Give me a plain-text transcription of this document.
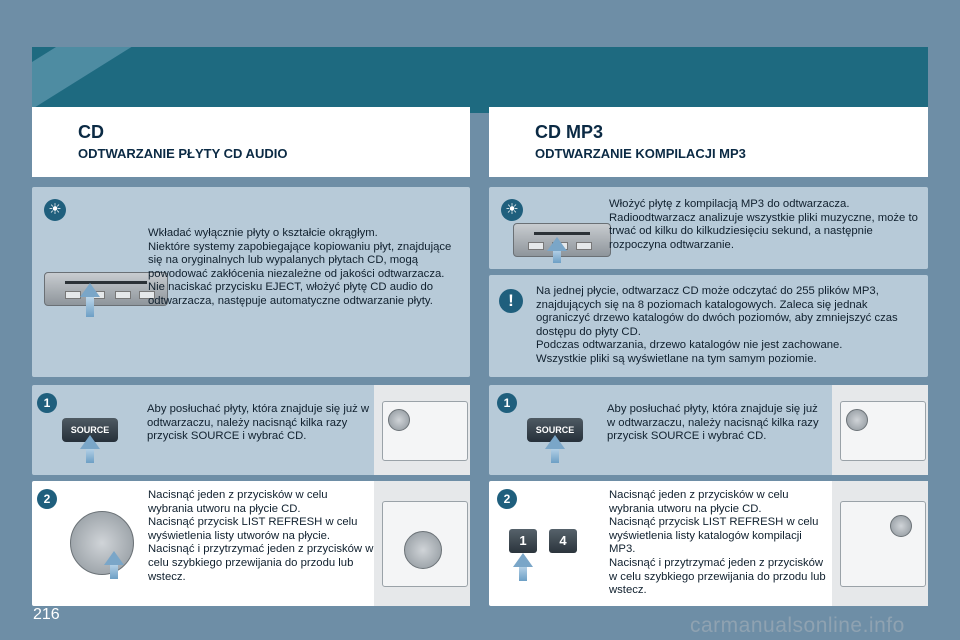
CD
ODTWARZANIE PŁYTY CD AUDIO
CD MP3
ODTWARZANIE KOMPILACJI MP3
☀
Wkładać wyłącznie płyty o kształcie okrągłym.
Niektóre systemy zapobiegające kopiowaniu płyt, znajdujące się na oryginalnych lub wypalanych płytach CD, mogą powodować zakłócenia niezależne od jakości odtwarzacza.
Nie naciskać przycisku EJECT, włożyć płytę CD audio do odtwarzacza, następuje automatyczne odtwarzanie płyty.
1
SOURCE
Aby posłuchać płyty, która znajduje się już w odtwarzaczu, należy nacisnąć kilka razy przycisk SOURCE i wybrać CD.
2	Nacisnąć jeden z przycisków w celu wybrania utworu na płycie CD.
Nacisnąć przycisk LIST REFRESH w celu wyświetlenia listy utworów na płycie.
Nacisnąć i przytrzymać jeden z przycisków w celu szybkiego przewijania do przodu lub wstecz.
☀	Włożyć płytę z kompilacją MP3 do odtwarzacza.
Radioodtwarzacz analizuje wszystkie pliki muzyczne, może to trwać od kilku do kilkudziesięciu sekund, a następnie rozpoczyna odtwarzanie.
!	Na jednej płycie, odtwarzacz CD może odczytać do 255 plików MP3, znajdujących się na 8 poziomach katalogowych. Zaleca się jednak ograniczyć drzewo katalogów do dwóch poziomów, aby zmniejszyć czas dostępu do płyty CD.
Podczas odtwarzania, drzewo katalogów nie jest zachowane.
Wszystkie pliki są wyświetlane na tym samym poziomie.
1
SOURCE
Aby posłuchać płyty, która znajduje się już w odtwarzaczu, należy nacisnąć kilka razy przycisk SOURCE i wybrać CD.
2
1	4
Nacisnąć jeden z przycisków w celu wybrania utworu na płycie CD.
Nacisnąć przycisk LIST REFRESH w celu wyświetlenia listy katalogów kompilacji MP3.
Nacisnąć i przytrzymać jeden z przycisków w celu szybkiego przewijania do przodu lub wstecz.
216	carmanualsonline.info
